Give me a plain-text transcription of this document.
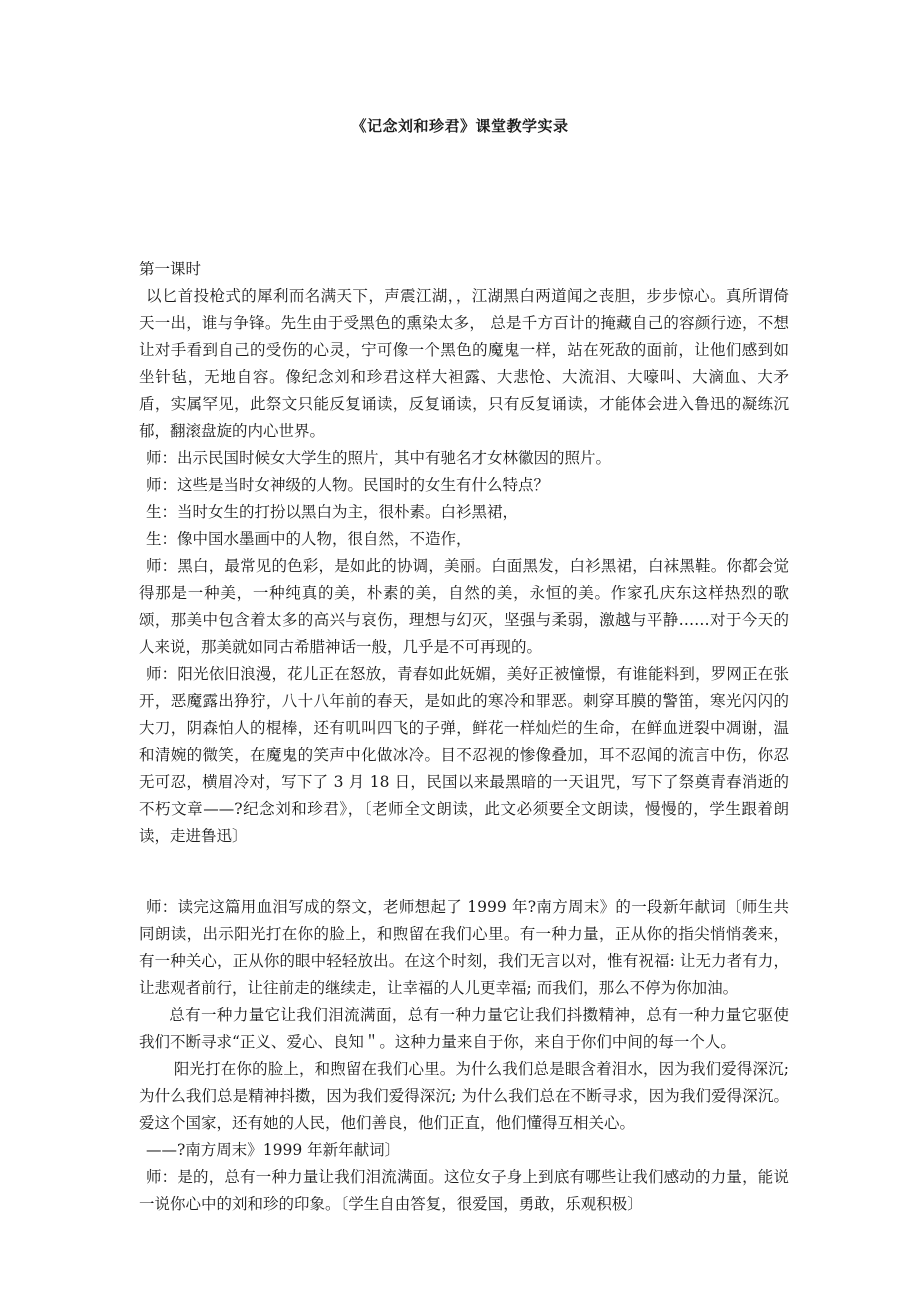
《记念刘和珍君》课堂教学实录

第一课时

以匕首投枪式的犀利而名满天下，声震江湖，，江湖黑白两道闻之丧胆，步步惊心。真所谓倚天一出，谁与争锋。先生由于受黑色的熏染太多， 总是千方百计的掩藏自己的容颜行迹，不想让对手看到自己的受伤的心灵，宁可像一个黑色的魔鬼一样，站在死敌的面前，让他们感到如坐针毡，无地自容。像纪念刘和珍君这样大袒露、大悲怆、大流泪、大嚎叫、大滴血、大矛盾，实属罕见，此祭文只能反复诵读，反复诵读，只有反复诵读，才能体会进入鲁迅的凝练沉郁，翻滚盘旋的内心世界。

师：出示民国时候女大学生的照片，其中有驰名才女林徽因的照片。

师：这些是当时女神级的人物。民国时的女生有什么特点？

生：当时女生的打扮以黑白为主，很朴素。白衫黑裙，

生：像中国水墨画中的人物，很自然，不造作，

师：黑白，最常见的色彩，是如此的协调，美丽。白面黑发，白衫黑裙，白袜黑鞋。你都会觉得那是一种美，一种纯真的美，朴素的美，自然的美，永恒的美。作家孔庆东这样热烈的歌颂，那美中包含着太多的高兴与哀伤，理想与幻灭，坚强与柔弱，激越与平静……对于今天的人来说，那美就如同古希腊神话一般，几乎是不可再现的。

师：阳光依旧浪漫，花儿正在怒放，青春如此妩媚，美好正被憧憬，有谁能料到，罗网正在张开，恶魔露出狰狞，八十八年前的春天，是如此的寒冷和罪恶。刺穿耳膜的警笛，寒光闪闪的大刀，阴森怕人的棍棒，还有叽叫四飞的子弹，鲜花一样灿烂的生命，在鲜血迸裂中凋谢，温和清婉的微笑，在魔鬼的笑声中化做冰冷。目不忍视的惨像叠加，耳不忍闻的流言中伤，你忍无可忍，横眉冷对，写下了 3 月 18 日，民国以来最黑暗的一天诅咒，写下了祭奠青春消逝的不朽文章——?纪念刘和珍君》，〔老师全文朗读，此文必须要全文朗读，慢慢的，学生跟着朗读，走进鲁迅〕

师：读完这篇用血泪写成的祭文，老师想起了 1999 年?南方周末》的一段新年献词〔师生共同朗读，出示阳光打在你的脸上，和煦留在我们心里。有一种力量，正从你的指尖悄悄袭来，有一种关心，正从你的眼中轻轻放出。在这个时刻，我们无言以对，惟有祝福: 让无力者有力，让悲观者前行，让往前走的继续走，让幸福的人儿更幸福; 而我们，那么不停为你加油。

总有一种力量它让我们泪流满面，总有一种力量它让我们抖擞精神，总有一种力量它驱使我们不断寻求“正义、爱心、良知＂。这种力量来自于你，来自于你们中间的每一个人。

阳光打在你的脸上，和煦留在我们心里。为什么我们总是眼含着泪水，因为我们爱得深沉; 为什么我们总是精神抖擞，因为我们爱得深沉; 为什么我们总在不断寻求，因为我们爱得深沉。爱这个国家，还有她的人民，他们善良，他们正直，他们懂得互相关心。

——?南方周末》1999 年新年献词〕

师：是的，总有一种力量让我们泪流满面。这位女子身上到底有哪些让我们感动的力量，能说一说你心中的刘和珍的印象。〔学生自由答复，很爱国，勇敢，乐观积极〕
